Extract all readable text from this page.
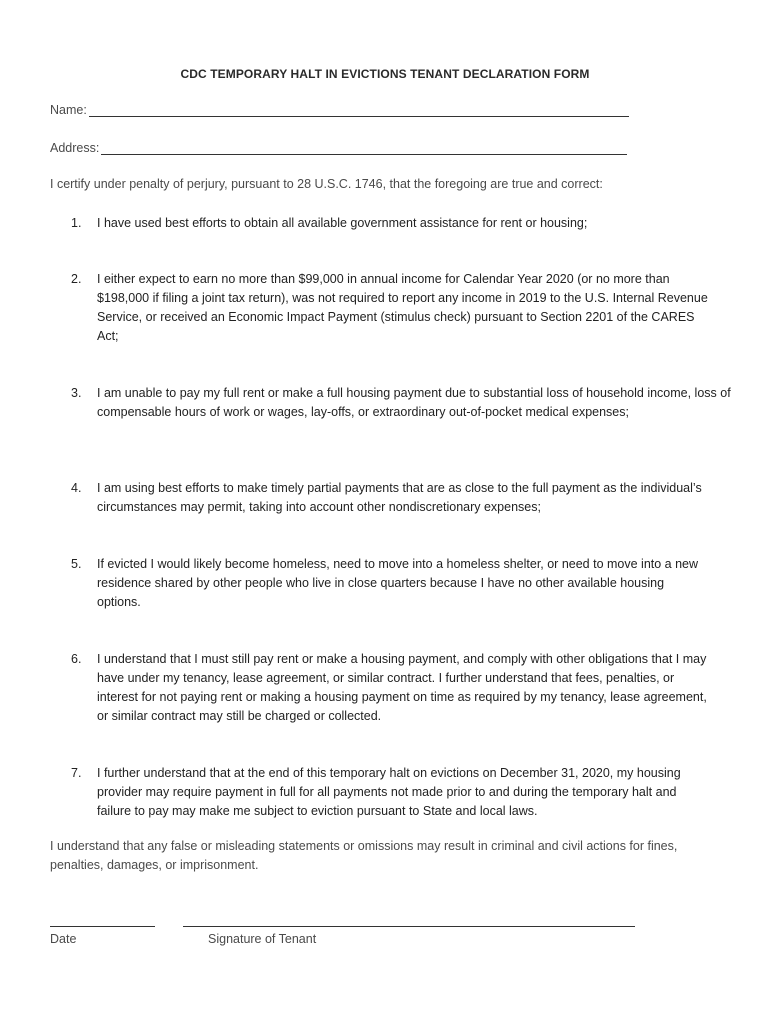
CDC TEMPORARY HALT IN EVICTIONS TENANT DECLARATION FORM
Name:
Address:
I certify under penalty of perjury, pursuant to 28 U.S.C. 1746, that the foregoing are true and correct:
1.	I have used best efforts to obtain all available government assistance for rent or housing;
2.	I either expect to earn no more than $99,000 in annual income for Calendar Year 2020 (or no more than $198,000 if filing a joint tax return), was not required to report any income in 2019 to the U.S. Internal Revenue Service, or received an Economic Impact Payment (stimulus check) pursuant to Section 2201 of the CARES Act;
3.	I am unable to pay my full rent or make a full housing payment due to substantial loss of household income, loss of compensable hours of work or wages, lay-offs, or extraordinary out-of-pocket medical expenses;
4.	I am using best efforts to make timely partial payments that are as close to the full payment as the individual’s circumstances may permit, taking into account other nondiscretionary expenses;
5.	If evicted I would likely become homeless, need to move into a homeless shelter, or need to move into a new residence shared by other people who live in close quarters because I have no other available housing options.
6.	I understand that I must still pay rent or make a housing payment, and comply with other obligations that I may have under my tenancy, lease agreement, or similar contract. I further understand that fees, penalties, or interest for not paying rent or making a housing payment on time as required by my tenancy, lease agreement, or similar contract may still be charged or collected.
7.	I further understand that at the end of this temporary halt on evictions on December 31, 2020, my housing provider may require payment in full for all payments not made prior to and during the temporary halt and failure to pay may make me subject to eviction pursuant to State and local laws.
I understand that any false or misleading statements or omissions may result in criminal and civil actions for fines, penalties, damages, or imprisonment.
Date	Signature of Tenant
